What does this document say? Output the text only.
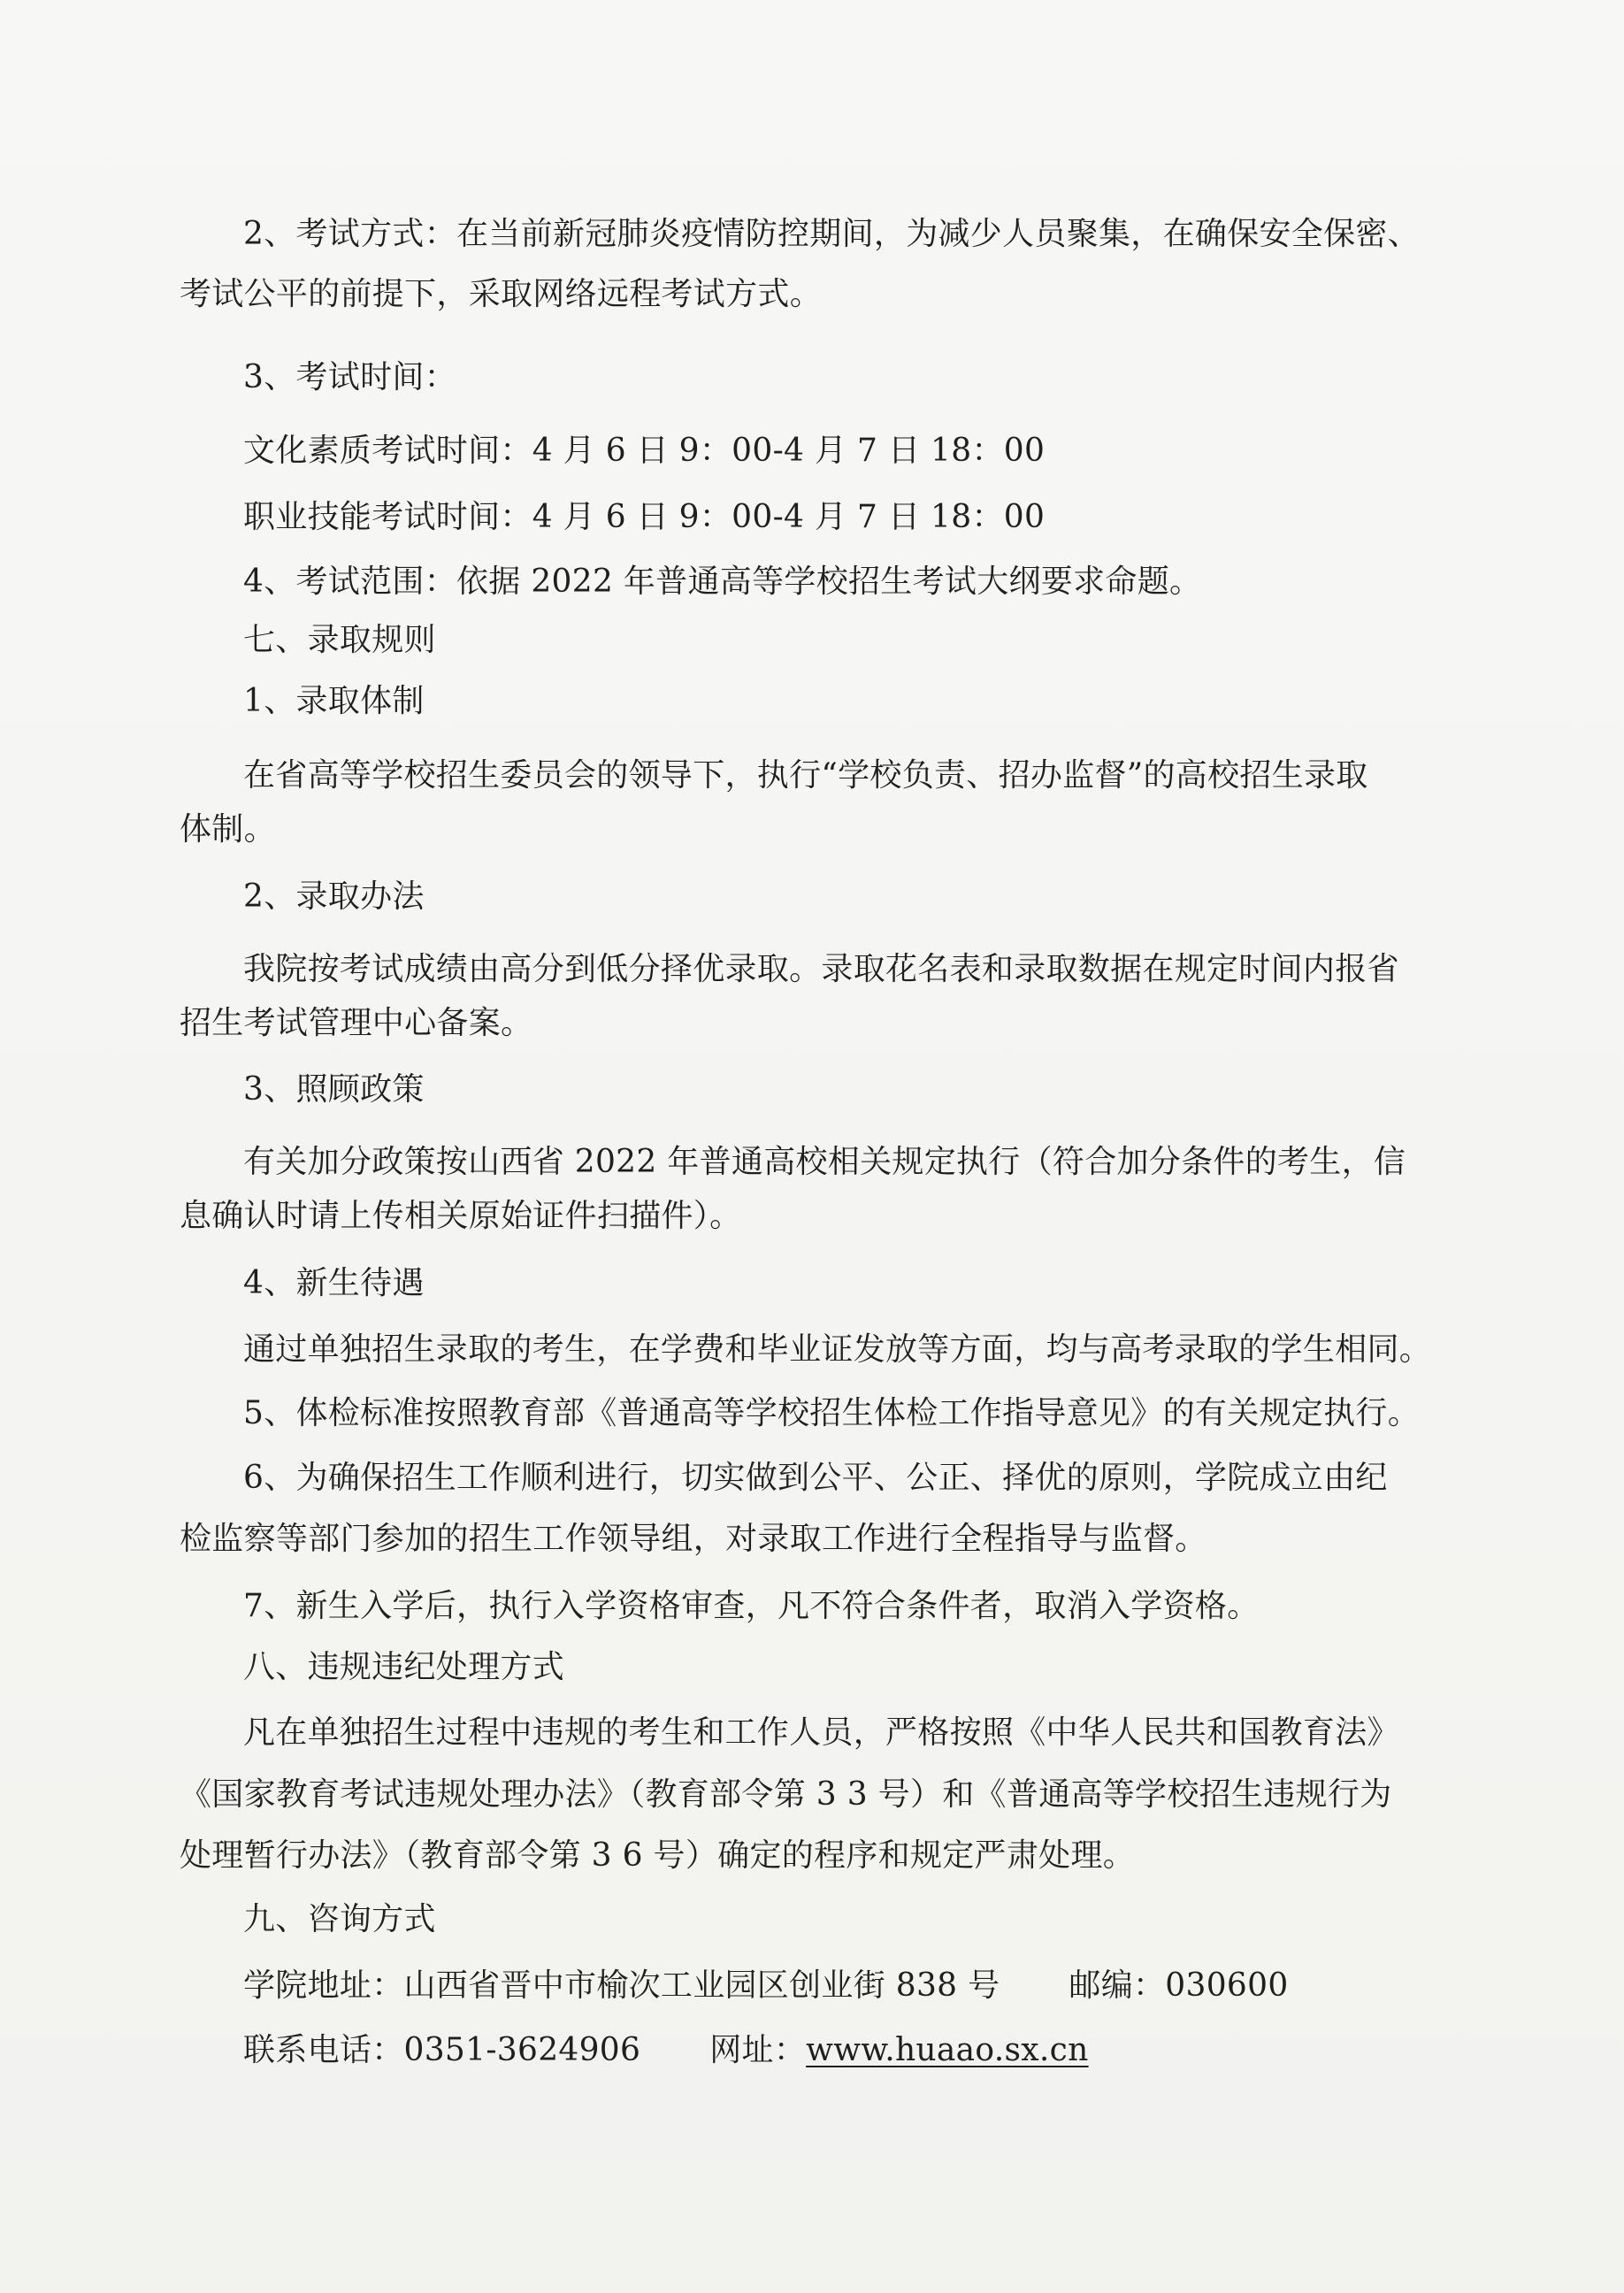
2、考试方式：在当前新冠肺炎疫情防控期间，为减少人员聚集，在确保安全保密、
考试公平的前提下，采取网络远程考试方式。
3、考试时间：
文化素质考试时间：4 月 6 日 9：00-4 月 7 日 18：00
职业技能考试时间：4 月 6 日 9：00-4 月 7 日 18：00
4、考试范围：依据 2022 年普通高等学校招生考试大纲要求命题。
七、录取规则
1、录取体制
在省高等学校招生委员会的领导下，执行“学校负责、招办监督”的高校招生录取
体制。
2、录取办法
我院按考试成绩由高分到低分择优录取。录取花名表和录取数据在规定时间内报省
招生考试管理中心备案。
3、照顾政策
有关加分政策按山西省 2022 年普通高校相关规定执行（符合加分条件的考生，信
息确认时请上传相关原始证件扫描件）。
4、新生待遇
通过单独招生录取的考生，在学费和毕业证发放等方面，均与高考录取的学生相同。
5、体检标准按照教育部《普通高等学校招生体检工作指导意见》的有关规定执行。
6、为确保招生工作顺利进行，切实做到公平、公正、择优的原则，学院成立由纪
检监察等部门参加的招生工作领导组，对录取工作进行全程指导与监督。
7、新生入学后，执行入学资格审查，凡不符合条件者，取消入学资格。
八、违规违纪处理方式
凡在单独招生过程中违规的考生和工作人员，严格按照《中华人民共和国教育法》
《国家教育考试违规处理办法》（教育部令第 3 3 号）和《普通高等学校招生违规行为
处理暂行办法》（教育部令第 3 6 号）确定的程序和规定严肃处理。
九、咨询方式
学院地址：山西省晋中市榆次工业园区创业街 838 号 邮编：030600
联系电话：0351-3624906 网址：www.huaao.sx.cn
